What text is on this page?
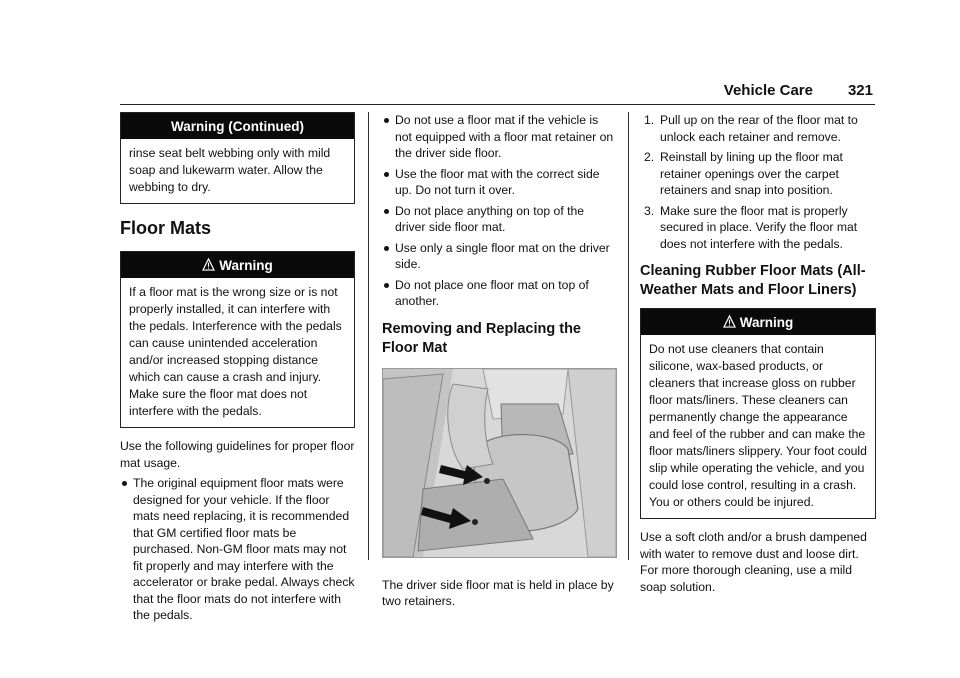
Vehicle Care 321
Warning (Continued)
rinse seat belt webbing only with mild soap and lukewarm water. Allow the webbing to dry.
Floor Mats
Warning
If a floor mat is the wrong size or is not properly installed, it can interfere with the pedals. Interference with the pedals can cause unintended acceleration and/or increased stopping distance which can cause a crash and injury. Make sure the floor mat does not interfere with the pedals.

Use the following guidelines for proper floor mat usage.

The original equipment floor mats were designed for your vehicle. If the floor mats need replacing, it is recommended that GM certified floor mats be purchased. Non-GM floor mats may not fit properly and may interfere with the accelerator or brake pedal. Always check that the floor mats do not interfere with the pedals.
Do not use a floor mat if the vehicle is not equipped with a floor mat retainer on the driver side floor.
Use the floor mat with the correct side up. Do not turn it over.
Do not place anything on top of the driver side floor mat.
Use only a single floor mat on the driver side.
Do not place one floor mat on top of another.
Removing and Replacing the Floor Mat

The driver side floor mat is held in place by two retainers.

1. Pull up on the rear of the floor mat to unlock each retainer and remove.
2. Reinstall by lining up the floor mat retainer openings over the carpet retainers and snap into position.
3. Make sure the floor mat is properly secured in place. Verify the floor mat does not interfere with the pedals.
Cleaning Rubber Floor Mats (All-Weather Mats and Floor Liners)
Warning
Do not use cleaners that contain silicone, wax-based products, or cleaners that increase gloss on rubber floor mats/liners. These cleaners can permanently change the appearance and feel of the rubber and can make the floor mats/liners slippery. Your foot could slip while operating the vehicle, and you could lose control, resulting in a crash. You or others could be injured.

Use a soft cloth and/or a brush dampened with water to remove dust and loose dirt. For more thorough cleaning, use a mild soap solution.
